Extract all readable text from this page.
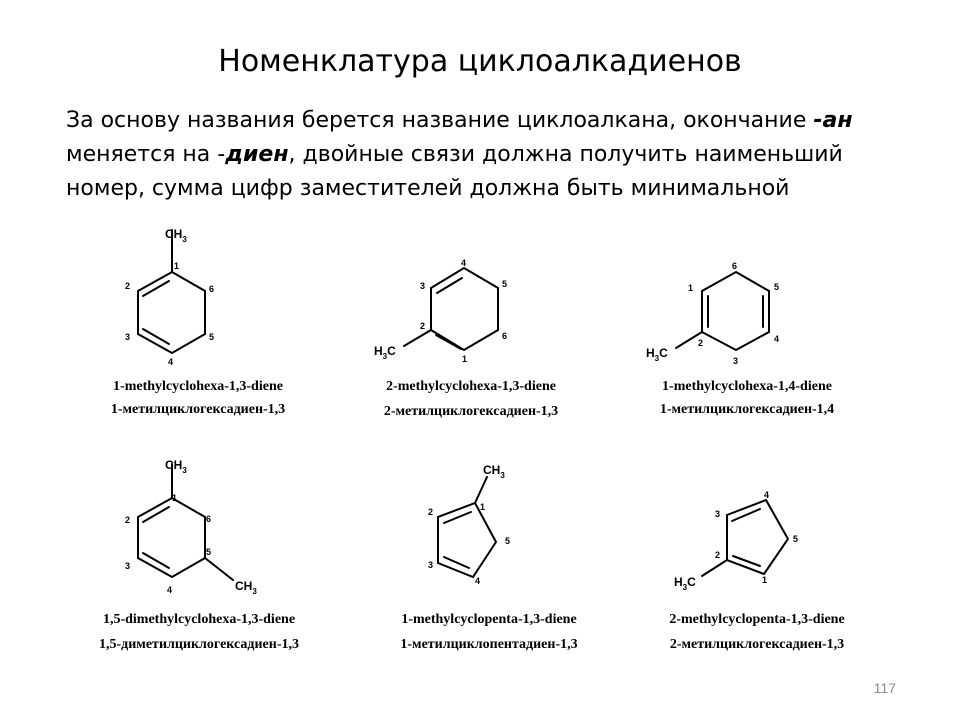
Номенклатура циклоалкадиенов
За основу названия берется название циклоалкана, окончание -ан меняется на -диен, двойные связи должна получить наименьший номер, сумма цифр заместителей должна быть минимальной
$CH_3$
1
2
3
4
5
6
1-methylcyclohexa-1,3-diene
1-метилциклогексадиен-1,3
$H_3C$
1
2
3
4
5
6
2-methylcyclohexa-1,3-diene
2-метилциклогексадиен-1,3
$H_3C$
1
2
3
4
5
6
1-methylcyclohexa-1,4-diene
1-метилциклогексадиен-1,4
$CH_3$
$CH_3$
1
2
3
4
5
6
1,5-dimethylcyclohexa-1,3-diene
1,5-диметилциклогексадиен-1,3
$CH_3$
1
2
3
4
5
1-methylcyclopenta-1,3-diene
1-метилциклопентадиен-1,3
$H_3C$	1
2
3
4
5
2-methylcyclopenta-1,3-diene
2-метилциклогексадиен-1,3
117
